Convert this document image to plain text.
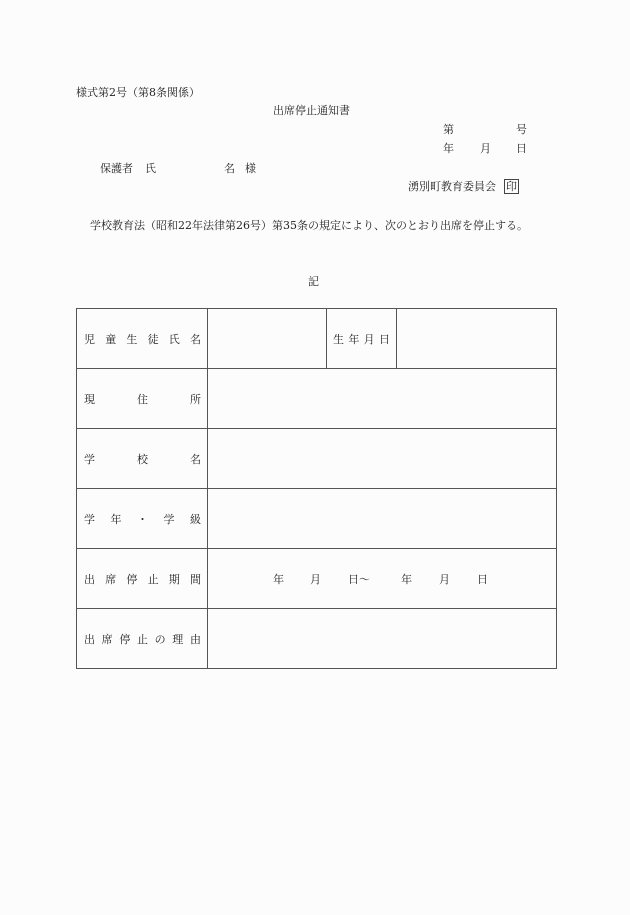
様式第2号（第8条関係）
出席停止通知書
第	号
年 月 日
保護者 氏	名 様
湧別町教育委員会 印
学校教育法（昭和22年法律第26号）第35条の規定により、次のとおり出席を停止する。
記
児 童 生 徒 氏 名		生 年 月 日

現 住 所			

学 校 名			

学 年 ・ 学 級			

出 席 停 止 期 間	年 月 日〜	年 月 日

出 席 停 止 の 理 由
